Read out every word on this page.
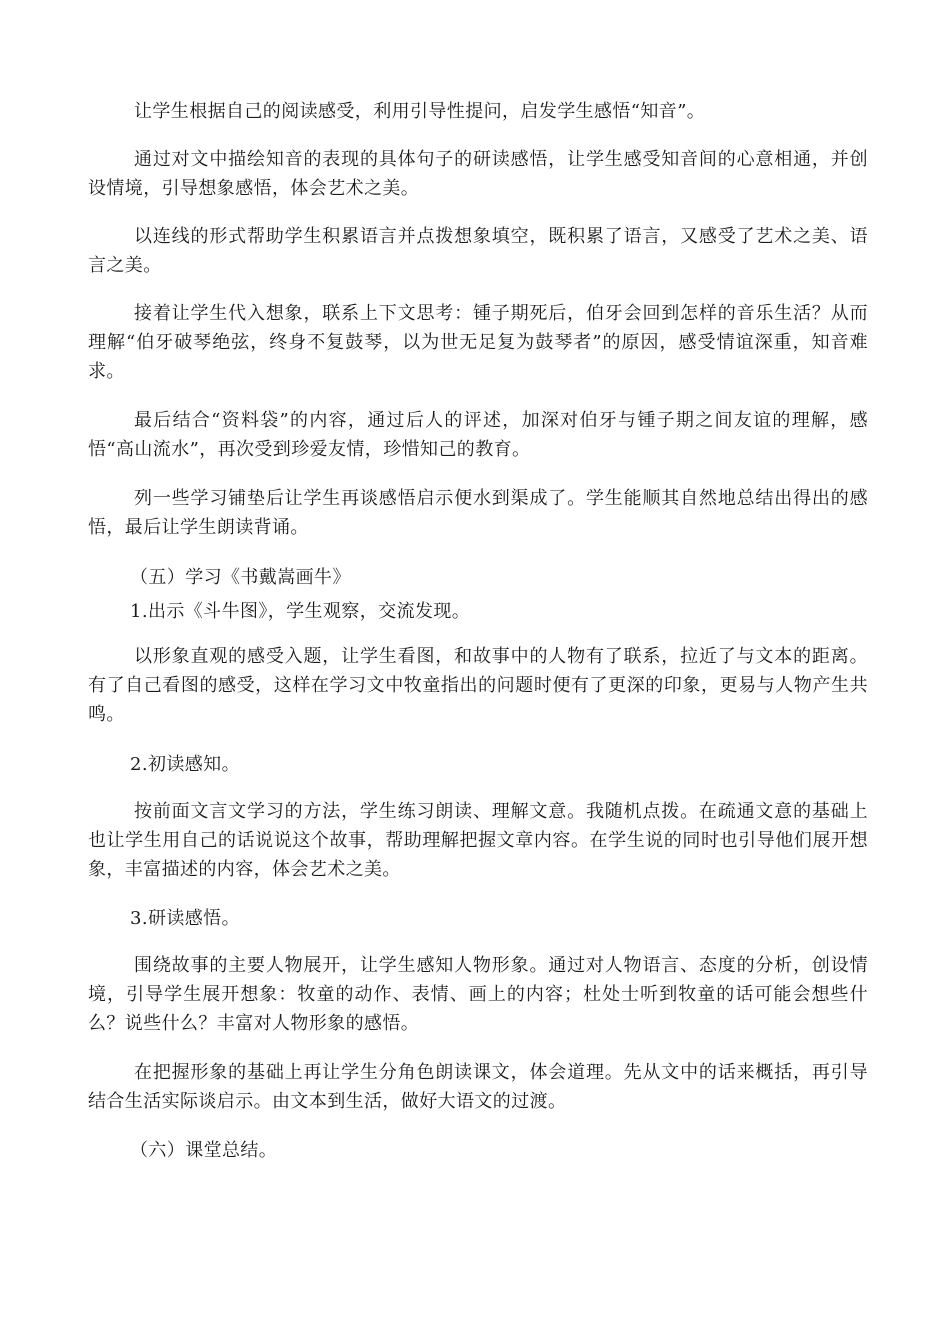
让学生根据自己的阅读感受，利用引导性提问，启发学生感悟“知音”。

通过对文中描绘知音的表现的具体句子的研读感悟，让学生感受知音间的心意相通，并创设情境，引导想象感悟，体会艺术之美。

以连线的形式帮助学生积累语言并点拨想象填空，既积累了语言，又感受了艺术之美、语言之美。

接着让学生代入想象，联系上下文思考：锺子期死后，伯牙会回到怎样的音乐生活？从而理解“伯牙破琴绝弦，终身不复鼓琴，以为世无足复为鼓琴者”的原因，感受情谊深重，知音难求。

最后结合“资料袋”的内容，通过后人的评述，加深对伯牙与锺子期之间友谊的理解，感悟“高山流水”，再次受到珍爱友情，珍惜知己的教育。

列一些学习铺垫后让学生再谈感悟启示便水到渠成了。学生能顺其自然地总结出得出的感悟，最后让学生朗读背诵。

（五）学习《书戴嵩画牛》

1.出示《斗牛图》，学生观察，交流发现。

以形象直观的感受入题，让学生看图，和故事中的人物有了联系，拉近了与文本的距离。有了自己看图的感受，这样在学习文中牧童指出的问题时便有了更深的印象，更易与人物产生共鸣。

2.初读感知。

按前面文言文学习的方法，学生练习朗读、理解文意。我随机点拨。在疏通文意的基础上也让学生用自己的话说说这个故事，帮助理解把握文章内容。在学生说的同时也引导他们展开想象，丰富描述的内容，体会艺术之美。

3.研读感悟。

围绕故事的主要人物展开，让学生感知人物形象。通过对人物语言、态度的分析，创设情境，引导学生展开想象：牧童的动作、表情、画上的内容；杜处士听到牧童的话可能会想些什么？说些什么？丰富对人物形象的感悟。

在把握形象的基础上再让学生分角色朗读课文，体会道理。先从文中的话来概括，再引导结合生活实际谈启示。由文本到生活，做好大语文的过渡。

（六）课堂总结。
